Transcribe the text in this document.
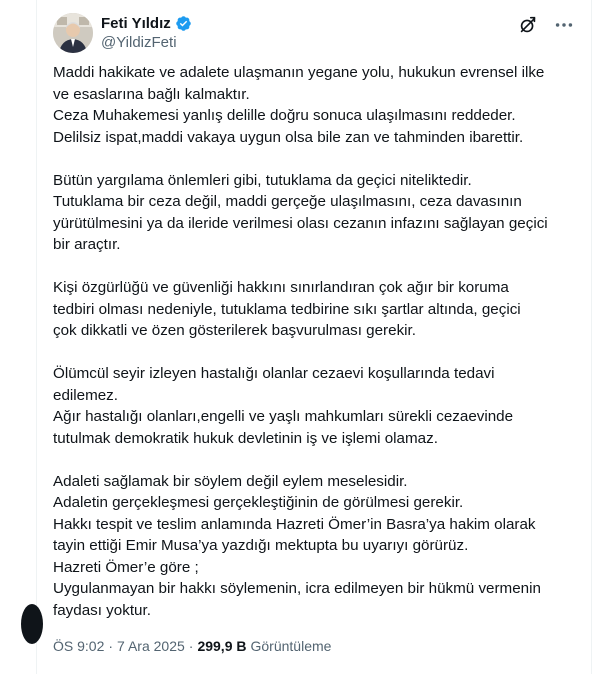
Feti Yıldız
@YildizFeti

Maddi hakikate ve adalete ulaşmanın yegane yolu, hukukun evrensel ilke

ve esaslarına bağlı kalmaktır.

Ceza Muhakemesi yanlış delille doğru sonuca ulaşılmasını reddeder.

Delilsiz ispat,maddi vakaya uygun olsa bile zan ve tahminden ibarettir.

Bütün yargılama önlemleri gibi, tutuklama da geçici niteliktedir.

Tutuklama bir ceza değil, maddi gerçeğe ulaşılmasını, ceza davasının

yürütülmesini ya da ileride verilmesi olası cezanın infazını sağlayan geçici

bir araçtır.

Kişi özgürlüğü ve güvenliği hakkını sınırlandıran çok ağır bir koruma

tedbiri olması nedeniyle, tutuklama tedbirine sıkı şartlar altında, geçici

çok dikkatli ve özen gösterilerek başvurulması gerekir.

Ölümcül seyir izleyen hastalığı olanlar cezaevi koşullarında tedavi

edilemez.

Ağır hastalığı olanları,engelli ve yaşlı mahkumları sürekli cezaevinde

tutulmak demokratik hukuk devletinin iş ve işlemi olamaz.

Adaleti sağlamak bir söylem değil eylem meselesidir.

Adaletin gerçekleşmesi gerçekleştiğinin de görülmesi gerekir.

Hakkı tespit ve teslim anlamında Hazreti Ömer’in Basra’ya hakim olarak

tayin ettiği Emir Musa’ya yazdığı mektupta bu uyarıyı görürüz.

Hazreti Ömer’e göre ;

Uygulanmayan bir hakkı söylemenin, icra edilmeyen bir hükmü vermenin

faydası yoktur.

ÖS 9:02 · 7 Ara 2025 · 299,9 B Görüntüleme
